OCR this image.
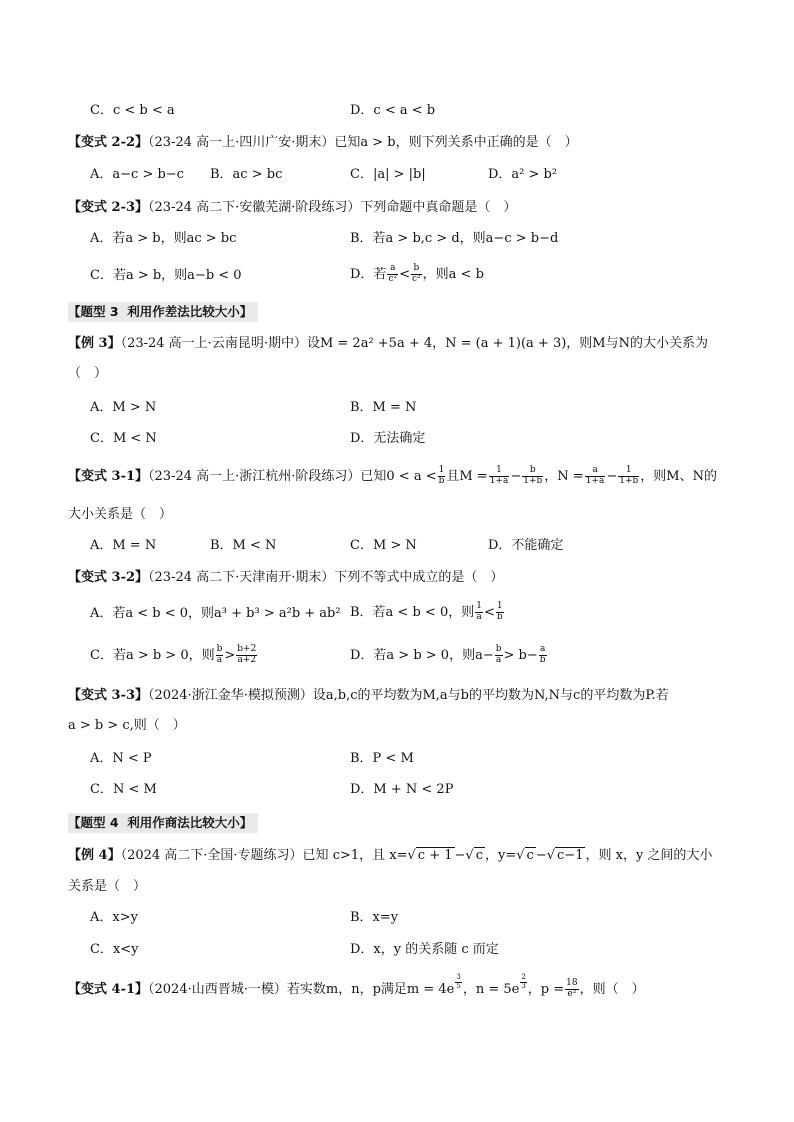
C．c < b < a	D．c < a < b
【变式 2-2】（23-24 高一上·四川广安·期末）已知a > b，则下列关系中正确的是（　）
A．a−c > b−c B．ac > bc	C．|a| > |b|	D．a² > b²
【变式 2-3】（23-24 高二下·安徽芜湖·阶段练习）下列命题中真命题是（　）
A．若a > b，则ac > bc	B．若a > b,c > d，则a−c > b−d
C．若a > b，则a−b < 0	D．若 $\frac{a}{\text{c²}} < \frac{b}{\text{c²}}$ ，则a < b
【题型 3 利用作差法比较大小】
【例 3】（23-24 高一上·云南昆明·期中）设M = 2a² +5a + 4，N = (a + 1)(a + 3)，则M与N的大小关系为
（　）
A．M > N	B．M = N
C．M < N	D．无法确定
【变式 3-1】（23-24 高一上·浙江杭州·阶段练习）已知$0 < a < \frac{1}{b}$ 且$M = \frac{1}{1+a} - \frac{b}{1+b}$ ，$N = \frac{a}{1+a} - \frac{1}{1+b}$ ，则M、N的
大小关系是（　）
A．M = N	B．M < N	C．M > N	D．不能确定
【变式 3-2】（23-24 高二下·天津南开·期末）下列不等式中成立的是（　）
A．若a < b < 0，则a³ + b³ > a²b + ab² B．若a < b < 0，则 $\frac{1}{a} < \frac{1}{b}$
C．若a > b > 0，则 $\frac{b}{a} > \frac{b+2}{a+2}$	D．若a > b > 0，则$a- \frac{b}{a} > b- \frac{a}{b}$
【变式 3-3】（2024·浙江金华·模拟预测）设a,b,c的平均数为M,a与b的平均数为N,N与c的平均数为P.若
a > b > c,则（　）
A．N < P	B．P < M
C．N < M	D．M + N < 2P
【题型 4 利用作商法比较大小】
【例 4】（2024 高二下·全国·专题练习）已知 c>1，且 x=√ c + 1 −√ c ，y=√ c −√ c−1 ，则 x，y 之间的大小
关系是（　）
A．x>y	B．x=y
C．x<y	D．x，y 的关系随 c 而定
【变式 4-1】（2024·山西晋城·一模）若实数m，n，p满足$m = 4e \frac{3}{5}$ ，$n = 5e \frac{2}{3}$ ，$p = \frac{18}{\text{e²}}$ ，则（　）
